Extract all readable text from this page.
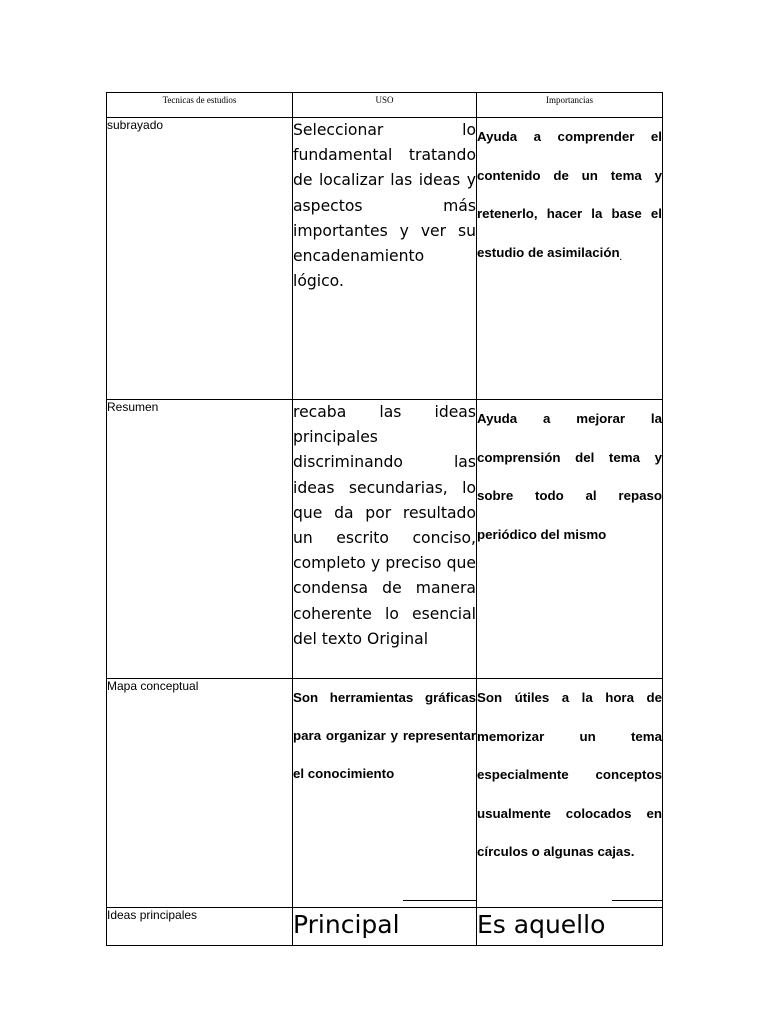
Tecnicas de estudios	USO	Importancias
subrayado	Seleccionar lo fundamental tratando de localizar las ideas y aspectos más importantes y ver su encadenamiento lógico.	Ayuda a comprender el contenido de un tema y retenerlo, hacer la base el estudio de asimilación$_.$

Resumen	recaba las ideas principales discriminando las ideas secundarias, lo que da por resultado un escrito conciso, completo y preciso que condensa de manera coherente lo esencial del texto Original	Ayuda a mejorar la comprensión del tema y sobre todo al repaso periódico del mismo

Mapa conceptual	Son herramientas gráficas para organizar y representar el conocimiento	Son útiles a la hora de memorizar un tema especialmente conceptos usualmente colocados en círculos o algunas cajas.

Ideas principales	Principal	Es aquello
